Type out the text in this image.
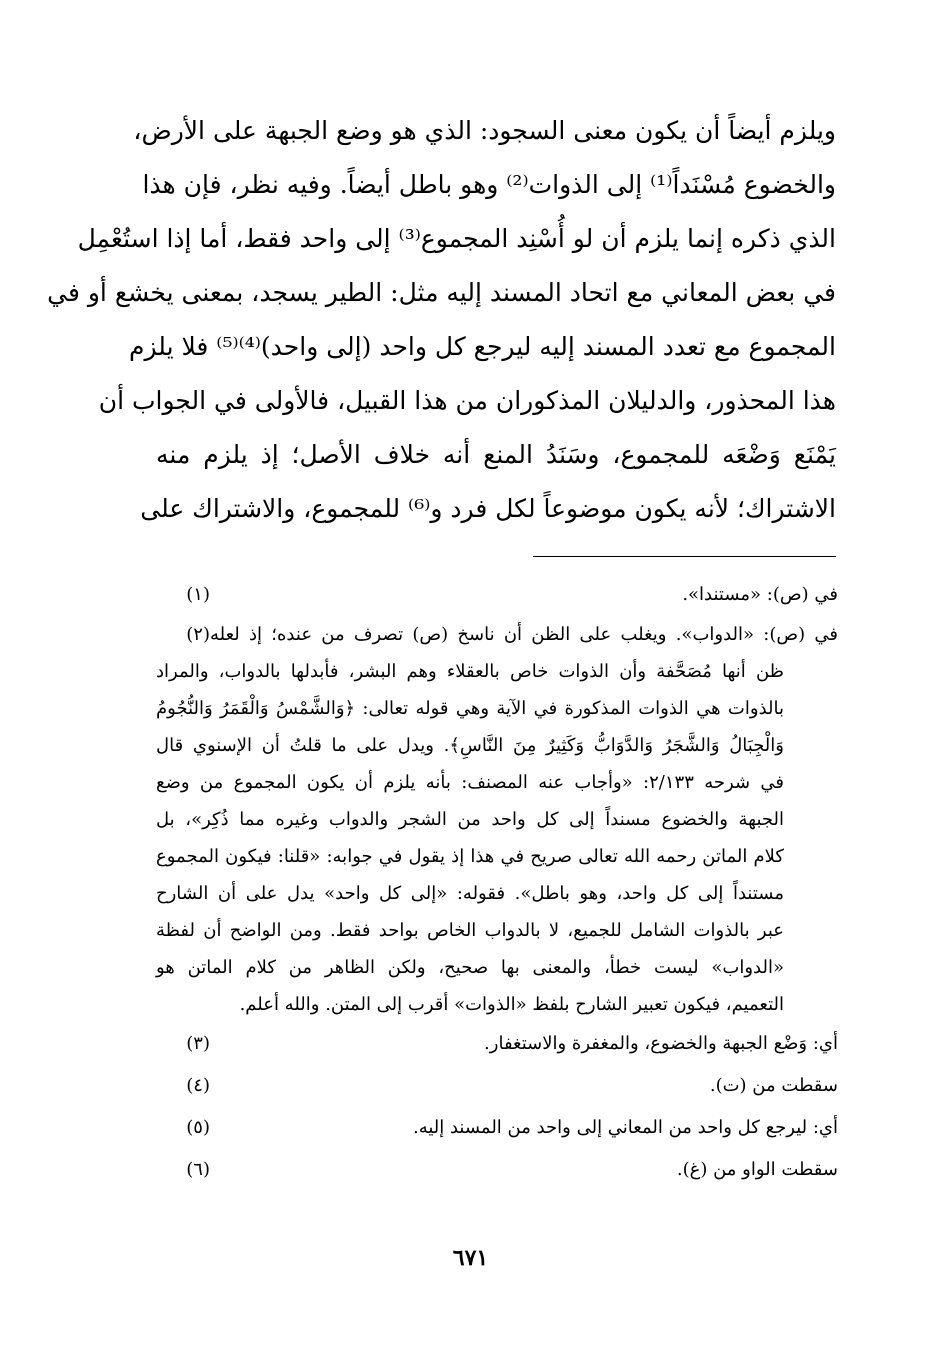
ويلزم أيضاً أن يكون معنى السجود: الذي هو وضع الجبهة على الأرض،
والخضوع مُسْنَداً⁽¹⁾ إلى الذوات⁽²⁾ وهو باطل أيضاً. وفيه نظر، فإن هذا
الذي ذكره إنما يلزم أن لو أُسْنِد المجموع⁽³⁾ إلى واحد فقط، أما إذا استُعْمِل
في بعض المعاني مع اتحاد المسند إليه مثل: الطير يسجد، بمعنى يخشع أو في
المجموع مع تعدد المسند إليه ليرجع كل واحد (إلى واحد)⁽⁴⁾⁽⁵⁾ فلا يلزم
هذا المحذور، والدليلان المذكوران من هذا القبيل، فالأولى في الجواب أن
يَمْنَع وَضْعَه للمجموع، وسَنَدُ المنع أنه خلاف الأصل؛ إذ يلزم منه
الاشتراك؛ لأنه يكون موضوعاً لكل فرد و⁽⁶⁾ للمجموع، والاشتراك على
(١)	في (ص): «مستندا».
(٢) في (ص): «الدواب». ويغلب على الظن أن ناسخ (ص) تصرف من عنده؛ إذ لعله
ظن أنها مُصَحَّفة وأن الذوات خاص بالعقلاء وهم البشر، فأبدلها بالدواب، والمراد
بالذوات هي الذوات المذكورة في الآية وهي قوله تعالى: ﴿وَالشَّمْسُ وَالْقَمَرُ وَالنُّجُومُ
وَالْجِبَالُ وَالشَّجَرُ وَالدَّوَابُّ وَكَثِيرٌ مِنَ النَّاسِ﴾. ويدل على ما قلتُ أن الإسنوي قال
في شرحه ٢/١٣٣: «وأجاب عنه المصنف: بأنه يلزم أن يكون المجموع من وضع
الجبهة والخضوع مسنداً إلى كل واحد من الشجر والدواب وغيره مما ذُكِر»، بل
كلام الماتن رحمه الله تعالى صريح في هذا إذ يقول في جوابه: «قلنا: فيكون المجموع
مستنداً إلى كل واحد، وهو باطل». فقوله: «إلى كل واحد» يدل على أن الشارح
عبر بالذوات الشامل للجميع، لا بالدواب الخاص بواحد فقط. ومن الواضح أن لفظة
«الدواب» ليست خطأ، والمعنى بها صحيح، ولكن الظاهر من كلام الماتن هو
التعميم، فيكون تعبير الشارح بلفظ «الذوات» أقرب إلى المتن. والله أعلم.
(٣)	أي: وَضْع الجبهة والخضوع، والمغفرة والاستغفار.
(٤)	سقطت من (ت).
(٥)	أي: ليرجع كل واحد من المعاني إلى واحد من المسند إليه.
(٦)	سقطت الواو من (غ).
٦٧١
